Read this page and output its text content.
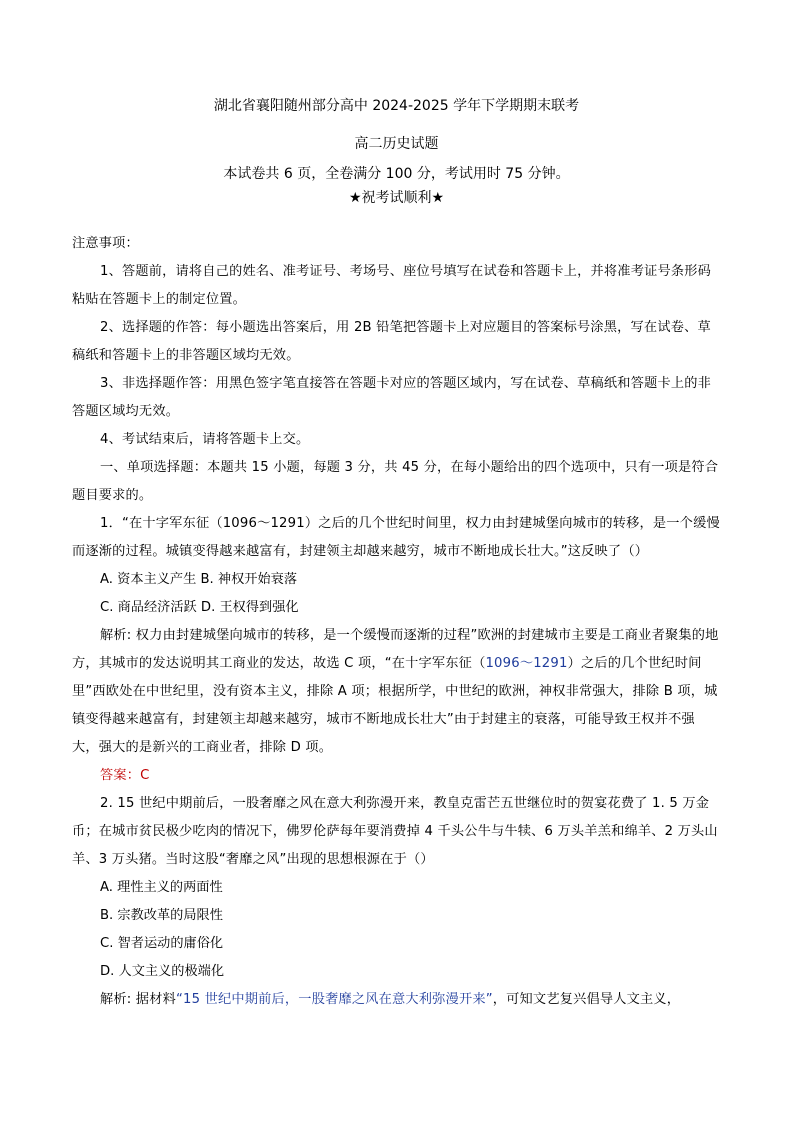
湖北省襄阳随州部分高中 2024-2025 学年下学期期末联考
高二历史试题
本试卷共 6 页，全卷满分 100 分，考试用时 75 分钟。
★祝考试顺利★
注意事项：
1、答题前，请将自己的姓名、准考证号、考场号、座位号填写在试卷和答题卡上，并将准考证号条形码粘贴在答题卡上的制定位置。
2、选择题的作答：每小题选出答案后，用 2B 铅笔把答题卡上对应题目的答案标号涂黑，写在试卷、草稿纸和答题卡上的非答题区域均无效。
3、非选择题作答：用黑色签字笔直接答在答题卡对应的答题区域内，写在试卷、草稿纸和答题卡上的非答题区域均无效。
4、考试结束后，请将答题卡上交。
一、单项选择题：本题共 15 小题，每题 3 分，共 45 分，在每小题给出的四个选项中，只有一项是符合题目要求的。
1．“在十字军东征（1096～1291）之后的几个世纪时间里，权力由封建城堡向城市的转移，是一个缓慢而逐渐的过程。城镇变得越来越富有，封建领主却越来越穷，城市不断地成长壮大。”这反映了（）
A. 资本主义产生 B. 神权开始衰落
C. 商品经济活跃 D. 王权得到强化
解析: 权力由封建城堡向城市的转移，是一个缓慢而逐渐的过程”欧洲的封建城市主要是工商业者聚集的地方，其城市的发达说明其工商业的发达，故选 C 项，“在十字军东征（1096～1291）之后的几个世纪时间里”西欧处在中世纪里，没有资本主义，排除 A 项；根据所学，中世纪的欧洲，神权非常强大，排除 B 项，城镇变得越来越富有，封建领主却越来越穷，城市不断地成长壮大”由于封建主的衰落，可能导致王权并不强大，强大的是新兴的工商业者，排除 D 项。
答案：C
2. 15 世纪中期前后，一股奢靡之风在意大利弥漫开来，教皇克雷芒五世继位时的贺宴花费了 1. 5 万金币；在城市贫民极少吃肉的情况下，佛罗伦萨每年要消费掉 4 千头公牛与牛犊、6 万头羊羔和绵羊、2 万头山羊、3 万头猪。当时这股“奢靡之风”出现的思想根源在于（）
A. 理性主义的两面性
B. 宗教改革的局限性
C. 智者运动的庸俗化
D. 人文主义的极端化
解析: 据材料“15 世纪中期前后，一股奢靡之风在意大利弥漫开来”，可知文艺复兴倡导人文主义，
